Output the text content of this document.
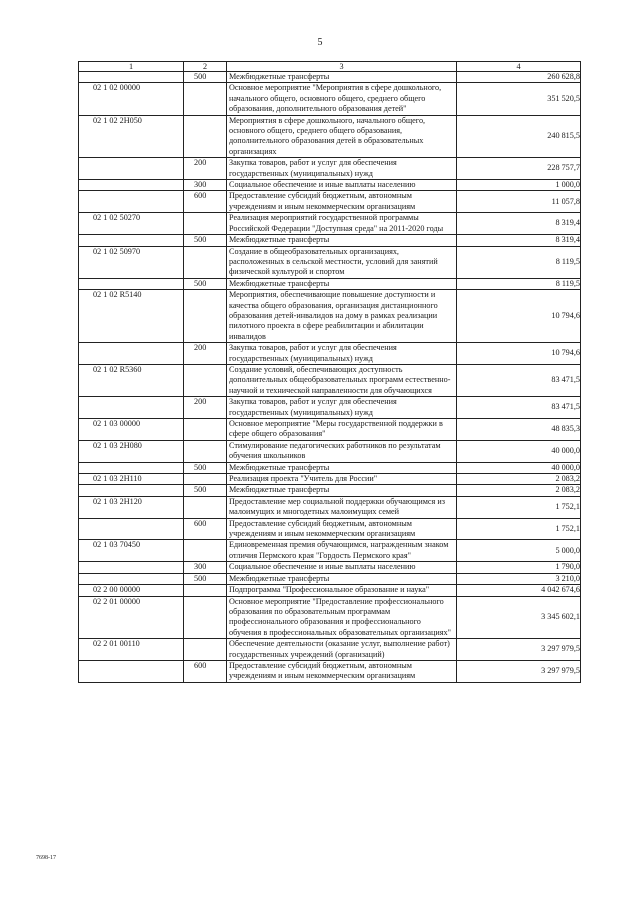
5
1	2	3	4
	500	Межбюджетные трансферты	260 628,8
02 1 02 00000		Основное мероприятие "Мероприятия в сфере дошкольного, начального общего, основного общего, среднего общего образования, дополнительного образования детей"	351 520,5
02 1 02 2Н050		Мероприятия в сфере дошкольного, начального общего, основного общего, среднего общего образования, дополнительного образования детей в образовательных организациях	240 815,5
	200	Закупка товаров, работ и услуг для обеспечения государственных (муниципальных) нужд	228 757,7
	300	Социальное обеспечение и иные выплаты населению	1 000,0
	600	Предоставление субсидий бюджетным, автономным учреждениям и иным некоммерческим организациям	11 057,8
02 1 02 50270		Реализация мероприятий государственной программы Российской Федерации "Доступная среда" на 2011-2020 годы	8 319,4
	500	Межбюджетные трансферты	8 319,4
02 1 02 50970		Создание в общеобразовательных организациях, расположенных в сельской местности, условий для занятий физической культурой и спортом	8 119,5
	500	Межбюджетные трансферты	8 119,5
02 1 02 R5140		Мероприятия, обеспечивающие повышение доступности и качества общего образования, организация дистанционного образования детей-инвалидов на дому в рамках реализации пилотного проекта в сфере реабилитации и абилитации инвалидов	10 794,6
	200	Закупка товаров, работ и услуг для обеспечения государственных (муниципальных) нужд	10 794,6
02 1 02 R5360		Создание условий, обеспечивающих доступность дополнительных общеобразовательных программ естественно-научной и технической направленности для обучающихся	83 471,5
	200	Закупка товаров, работ и услуг для обеспечения государственных (муниципальных) нужд	83 471,5
02 1 03 00000		Основное мероприятие "Меры государственной поддержки в сфере общего образования"	48 835,3
02 1 03 2Н080		Стимулирование педагогических работников по результатам обучения школьников	40 000,0
	500	Межбюджетные трансферты	40 000,0
02 1 03 2Н110		Реализация проекта "Учитель для России"	2 083,2
	500	Межбюджетные трансферты	2 083,2
02 1 03 2Н120		Предоставление мер социальной поддержки обучающимся из малоимущих и многодетных малоимущих семей	1 752,1
	600	Предоставление субсидий бюджетным, автономным учреждениям и иным некоммерческим организациям	1 752,1
02 1 03 70450		Единовременная премия обучающимся, награжденным знаком отличия Пермского края "Гордость Пермского края"	5 000,0
	300	Социальное обеспечение и иные выплаты населению	1 790,0
	500	Межбюджетные трансферты	3 210,0
02 2 00 00000		Подпрограмма "Профессиональное образование и наука"	4 042 674,6
02 2 01 00000		Основное мероприятие "Предоставление профессионального образования по образовательным программам профессионального образования и профессионального обучения в профессиональных образовательных организациях"	3 345 602,1
02 2 01 00110		Обеспечение деятельности (оказание услуг, выполнение работ) государственных учреждений (организаций)	3 297 979,5
	600	Предоставление субсидий бюджетным, автономным учреждениям и иным некоммерческим организациям	3 297 979,5
7698-17
